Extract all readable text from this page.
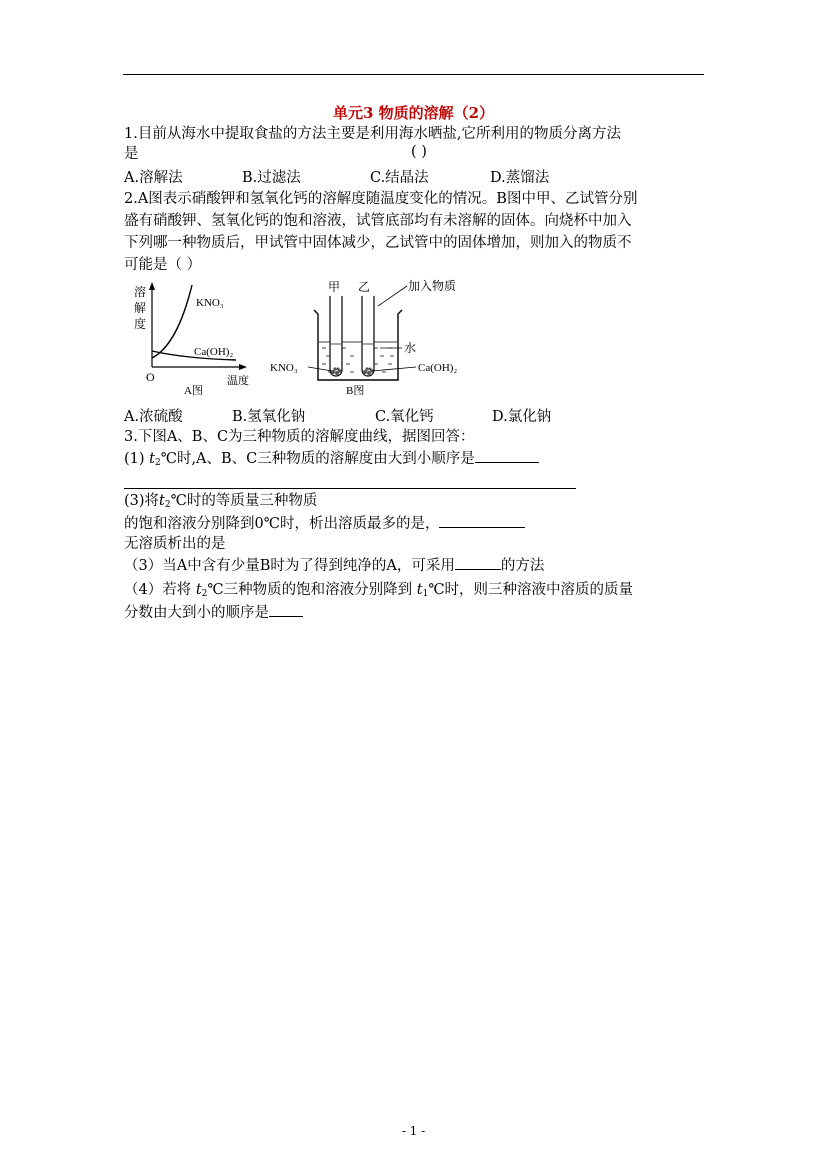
单元3 物质的溶解（2）
1.目前从海水中提取食盐的方法主要是利用海水晒盐,它所利用的物质分离方法
是	( )
A.溶解法	B.过滤法	C.结晶法	D.蒸馏法
2.A图表示硝酸钾和氢氧化钙的溶解度随温度变化的情况。B图中甲、乙试管分别
盛有硝酸钾、氢氧化钙的饱和溶液，试管底部均有未溶解的固体。向烧杯中加入
下列哪一种物质后，甲试管中固体减少，乙试管中的固体增加，则加入的物质不
可能是（ ）
溶
解
度
KNO₃
Ca(OH)₂
O
A图
温度
甲 乙	加入物质
水
KNO₃	Ca(OH)₂
B图
A.浓硫酸	B.氢氧化钠	C.氧化钙	D.氯化钠
3.下图A、B、C为三种物质的溶解度曲线，据图回答：
(1) $t_2℃$时,A、B、C三种物质的溶解度由大到小顺序是
(3)将$t_2℃$时的等质量三种物质
的饱和溶液分别降到0℃时，析出溶质最多的是，
无溶质析出的是
（3）当A中含有少量B时为了得到纯净的A，可采用	的方法
（4）若将 $t_2℃$三种物质的饱和溶液分别降到 $t_1℃$时，则三种溶液中溶质的质量
分数由大到小的顺序是
- 1 -
